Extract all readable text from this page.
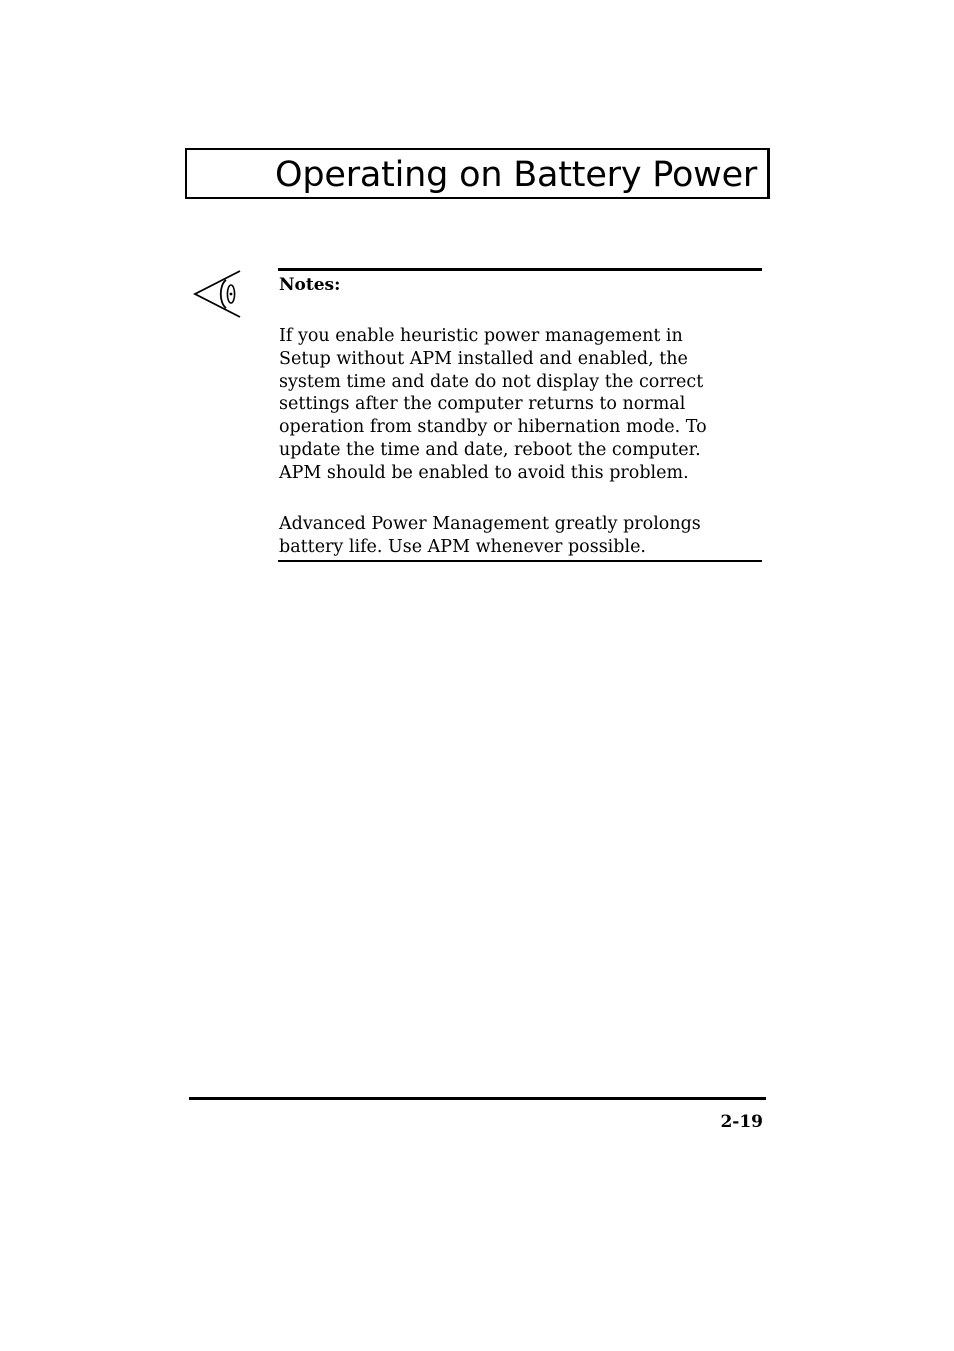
Operating on Battery Power
Notes:

If you enable heuristic power management in
Setup without APM installed and enabled, the
system time and date do not display the correct
settings after the computer returns to normal
operation from standby or hibernation mode. To
update the time and date, reboot the computer.
APM should be enabled to avoid this problem.

Advanced Power Management greatly prolongs
battery life. Use APM whenever possible.

2-19
